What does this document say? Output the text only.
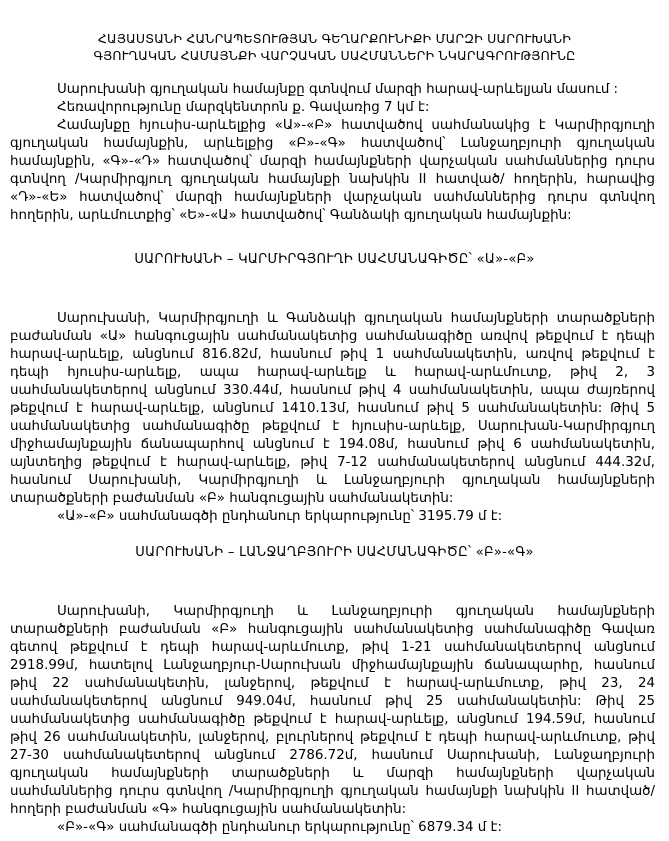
ՀԱՅԱՍՏԱՆԻ ՀԱՆՐԱՊԵՏՈՒԹՅԱՆ ԳԵՂԱՐՔՈՒՆԻՔԻ ՄԱՐԶԻ ՍԱՐՈՒԽԱՆԻ
ԳՅՈՒՂԱԿԱՆ ՀԱՄԱՅՆՔԻ ՎԱՐՉԱԿԱՆ ՍԱՀՄԱՆՆԵՐԻ ՆԿԱՐԱԳՐՈՒԹՅՈՒՆԸ
Սարուխանի գյուղական համայնքը գտնվում մարզի հարավ-արևելյան մասում :
Հեռավորությունը մարզկենտրոն ք. Գավառից 7 կմ է:
Համայնքը հյուսիս-արևելքից «Ա»-«Բ» հատվածով սահմանակից է Կարմիրգյուղի
գյուղական համայնքին, արևելքից «Բ»-«Գ» հատվածով՝ Լանջաղբյուրի գյուղական
համայնքին, «Գ»-«Դ» հատվածով՝ մարզի համայնքների վարչական սահմաններից դուրս
գտնվող /Կարմիրգյուղ գյուղական համայնքի նախկին II հատված/ հողերին, հարավից
«Դ»-«Ե» հատվածով՝ մարզի համայնքների վարչական սահմաններից դուրս գտնվող
հողերին, արևմուտքից՝ «Ե»-«Ա» հատվածով՝ Գանձակի գյուղական համայնքին:
ՍԱՐՈՒԽԱՆԻ – ԿԱՐՄԻՐԳՅՈՒՂԻ ՍԱՀՄԱՆԱԳԻԾԸ՝ «Ա»-«Բ»
Սարուխանի, Կարմիրգյուղի և Գանձակի գյուղական համայնքների տարածքների
բաժանման «Ա» հանգուցային սահմանակետից սահմանագիծը առվով թեքվում է դեպի
հարավ-արևելք, անցնում 816.82մ, հասնում թիվ 1 սահմանակետին, առվով թեքվում է
դեպի հյուսիս-արևելք, ապա հարավ-արևելք և հարավ-արևմուտք, թիվ 2, 3
սահմանակետերով անցնում 330.44մ, հասնում թիվ 4 սահմանակետին, ապա ժայռերով
թեքվում է հարավ-արևելք, անցնում 1410.13մ, հասնում թիվ 5 սահմանակետին: Թիվ 5
սահմանակետից սահմանագիծը թեքվում է հյուսիս-արևելք, Սարուխան-Կարմիրգյուղ
միջհամայնքային ճանապարհով անցնում է 194.08մ, հասնում թիվ 6 սահմանակետին,
այնտեղից թեքվում է հարավ-արևելք, թիվ 7-12 սահմանակետերով անցնում 444.32մ,
հասնում Սարուխանի, Կարմիրգյուղի և Լանջաղբյուրի գյուղական համայնքների
տարածքների բաժանման «Բ» հանգուցային սահմանակետին:
«Ա»-«Բ» սահմանագծի ընդհանուր երկարությունը՝ 3195.79 մ է:
ՍԱՐՈՒԽԱՆԻ – ԼԱՆՋԱՂԲՅՈՒՐԻ ՍԱՀՄԱՆԱԳԻԾԸ՝ «Բ»-«Գ»
Սարուխանի, Կարմիրգյուղի և Լանջաղբյուրի գյուղական համայնքների
տարածքների բաժանման «Բ» հանգուցային սահմանակետից սահմանագիծը Գավառ
գետով թեքվում է դեպի հարավ-արևմուտք, թիվ 1-21 սահմանակետերով անցնում
2918.99մ, հատելով Լանջաղբյուր-Սարուխան միջհամայնքային ճանապարհը, հասնում
թիվ 22 սահմանակետին, լանջերով, թեքվում է հարավ-արևմուտք, թիվ 23, 24
սահմանակետերով անցնում 949.04մ, հասնում թիվ 25 սահմանակետին: Թիվ 25
սահմանակետից սահմանագիծը թեքվում է հարավ-արևելք, անցնում 194.59մ, հասնում
թիվ 26 սահմանակետին, լանջերով, բլուրներով թեքվում է դեպի հարավ-արևմուտք, թիվ
27-30 սահմանակետերով անցնում 2786.72մ, հասնում Սարուխանի, Լանջաղբյուրի
գյուղական համայնքների տարածքների և մարզի համայնքների վարչական
սահմաններից դուրս գտնվող /Կարմիրգյուղի գյուղական համայնքի նախկին II հատված/
հողերի բաժանման «Գ» հանգուցային սահմանակետին:
«Բ»-«Գ» սահմանագծի ընդհանուր երկարությունը՝ 6879.34 մ է:
